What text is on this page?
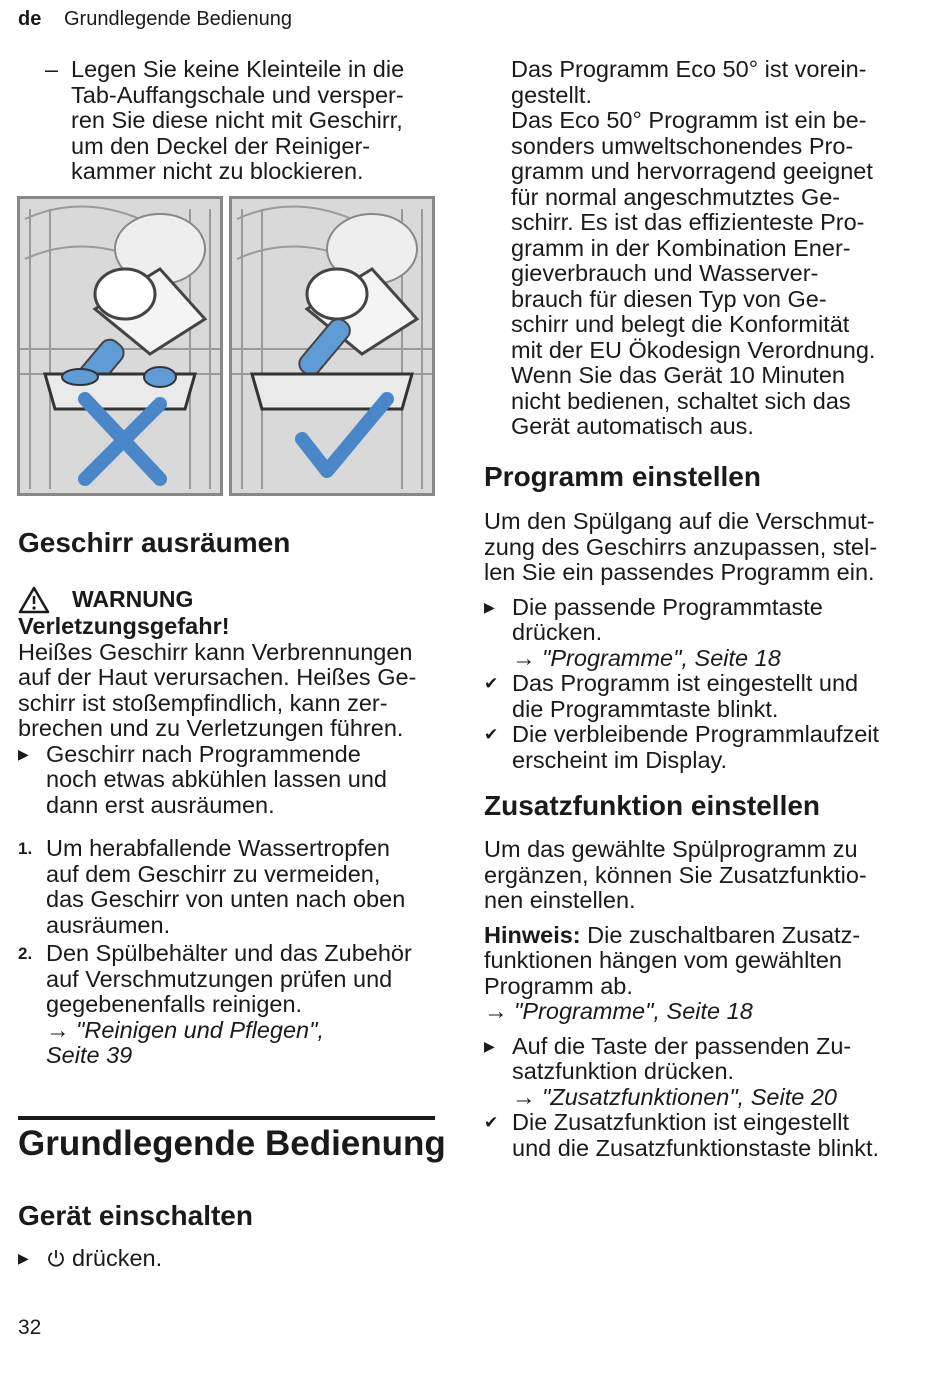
de Grundlegende Bedienung
– Legen Sie keine Kleinteile in die

Tab-Auffangschale und versper-

ren Sie diese nicht mit Geschirr,

um den Deckel der Reiniger-

kammer nicht zu blockieren.

Geschirr ausräumen
WARNUNG

Verletzungsgefahr!

Heißes Geschirr kann Verbrennungen

auf der Haut verursachen. Heißes Ge-

schirr ist stoßempfindlich, kann zer-

brechen und zu Verletzungen führen.

▶ Geschirr nach Programmende

noch etwas abkühlen lassen und

dann erst ausräumen.

1. Um herabfallende Wassertropfen

auf dem Geschirr zu vermeiden,

das Geschirr von unten nach oben

ausräumen.

2. Den Spülbehälter und das Zubehör

auf Verschmutzungen prüfen und

gegebenenfalls reinigen.

→ "Reinigen und Pflegen",

Seite 39

Grundlegende Bedienung
Gerät einschalten
▶ drücken.
32

Das Programm Eco 50° ist vorein-

gestellt.

Das Eco 50° Programm ist ein be-

sonders umweltschonendes Pro-

gramm und hervorragend geeignet

für normal angeschmutztes Ge-

schirr. Es ist das effizienteste Pro-

gramm in der Kombination Ener-

gieverbrauch und Wasserver-

brauch für diesen Typ von Ge-

schirr und belegt die Konformität

mit der EU Ökodesign Verordnung.

Wenn Sie das Gerät 10 Minuten

nicht bedienen, schaltet sich das

Gerät automatisch aus.

Programm einstellen

Um den Spülgang auf die Verschmut-

zung des Geschirrs anzupassen, stel-

len Sie ein passendes Programm ein.

▶ Die passende Programmtaste

drücken.

→ "Programme", Seite 18

✔ Das Programm ist eingestellt und

die Programmtaste blinkt.

✔ Die verbleibende Programmlaufzeit

erscheint im Display.

Zusatzfunktion einstellen

Um das gewählte Spülprogramm zu

ergänzen, können Sie Zusatzfunktio-

nen einstellen.

Hinweis: Die zuschaltbaren Zusatz-

funktionen hängen vom gewählten

Programm ab.

→ "Programme", Seite 18

▶ Auf die Taste der passenden Zu-

satzfunktion drücken.

→ "Zusatzfunktionen", Seite 20

✔ Die Zusatzfunktion ist eingestellt

und die Zusatzfunktionstaste blinkt.
